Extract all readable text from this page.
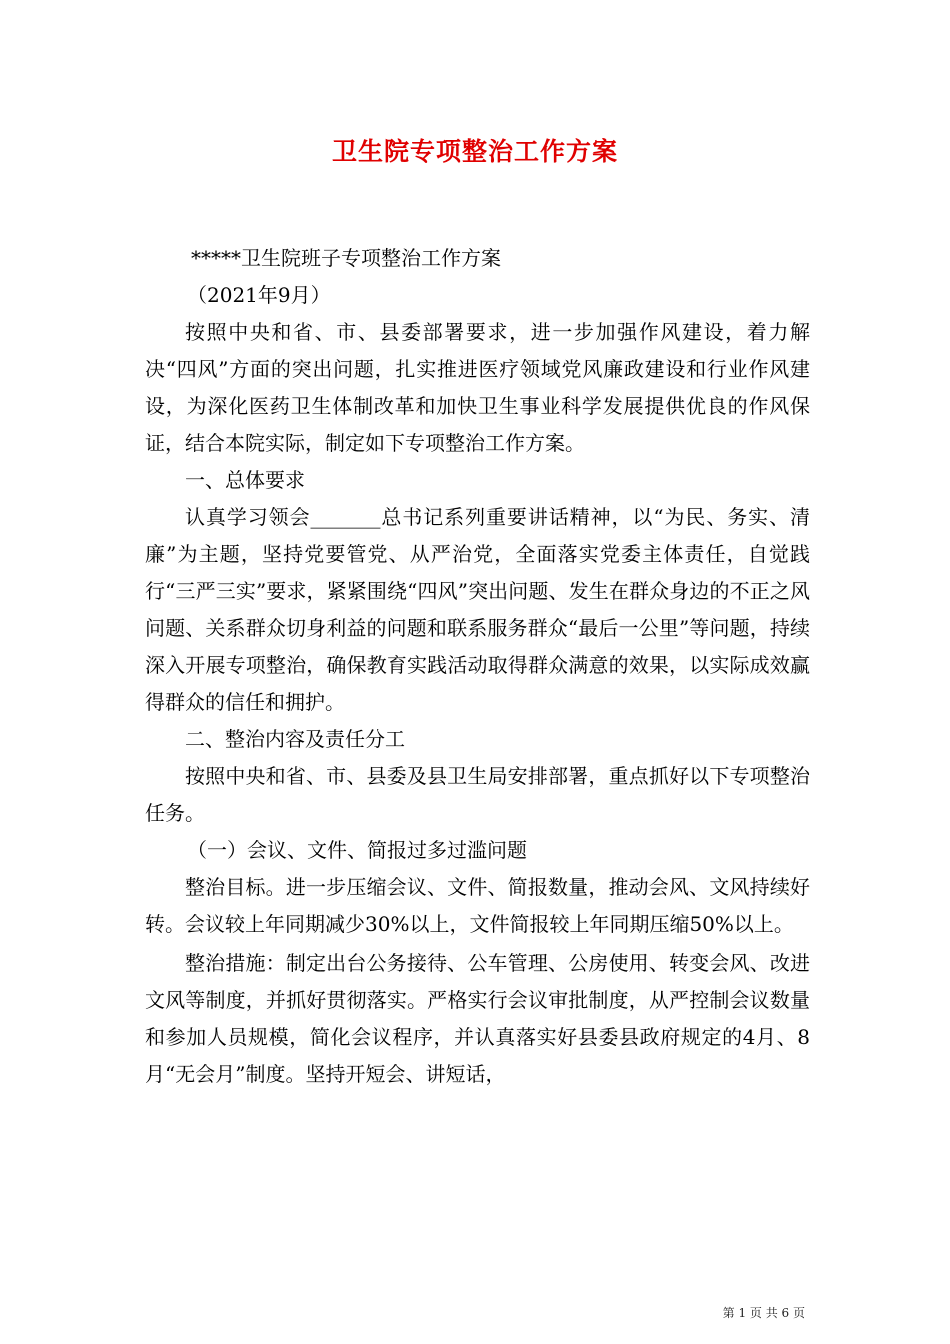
卫生院专项整治工作方案

*****卫生院班子专项整治工作方案

（2021年9月）

按照中央和省、市、县委部署要求，进一步加强作风建设，着力解决“四风”方面的突出问题，扎实推进医疗领域党风廉政建设和行业作风建设，为深化医药卫生体制改革和加快卫生事业科学发展提供优良的作风保证，结合本院实际，制定如下专项整治工作方案。

一、总体要求

认真学习领会_______总书记系列重要讲话精神，以“为民、务实、清廉”为主题，坚持党要管党、从严治党，全面落实党委主体责任，自觉践行“三严三实”要求，紧紧围绕“四风”突出问题、发生在群众身边的不正之风问题、关系群众切身利益的问题和联系服务群众“最后一公里”等问题，持续深入开展专项整治，确保教育实践活动取得群众满意的效果，以实际成效赢得群众的信任和拥护。

二、整治内容及责任分工

按照中央和省、市、县委及县卫生局安排部署，重点抓好以下专项整治任务。

（一）会议、文件、简报过多过滥问题

整治目标。进一步压缩会议、文件、简报数量，推动会风、文风持续好转。会议较上年同期减少30%以上，文件简报较上年同期压缩50%以上。

整治措施：制定出台公务接待、公车管理、公房使用、转变会风、改进文风等制度，并抓好贯彻落实。严格实行会议审批制度，从严控制会议数量和参加人员规模，简化会议程序，并认真落实好县委县政府规定的4月、8月“无会月”制度。坚持开短会、讲短话，

第 1 页 共 6 页
